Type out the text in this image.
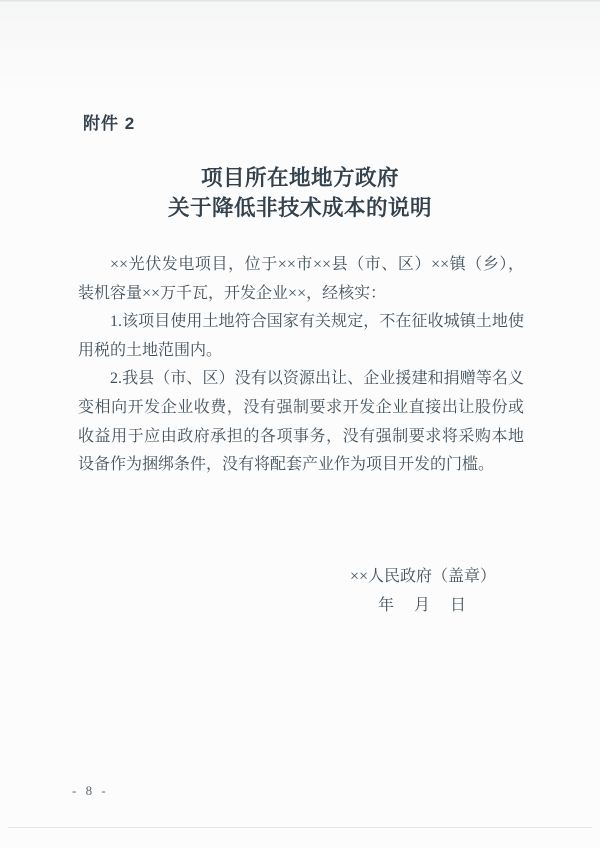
附件 2
项目所在地地方政府
关于降低非技术成本的说明

××光伏发电项目，位于××市××县（市、区）××镇（乡），装机容量××万千瓦，开发企业××，经核实：

1.该项目使用土地符合国家有关规定，不在征收城镇土地使用税的土地范围内。

2.我县（市、区）没有以资源出让、企业援建和捐赠等名义变相向开发企业收费，没有强制要求开发企业直接出让股份或收益用于应由政府承担的各项事务，没有强制要求将采购本地设备作为捆绑条件，没有将配套产业作为项目开发的门槛。

××人民政府（盖章）
年　月　日
- 8 -
